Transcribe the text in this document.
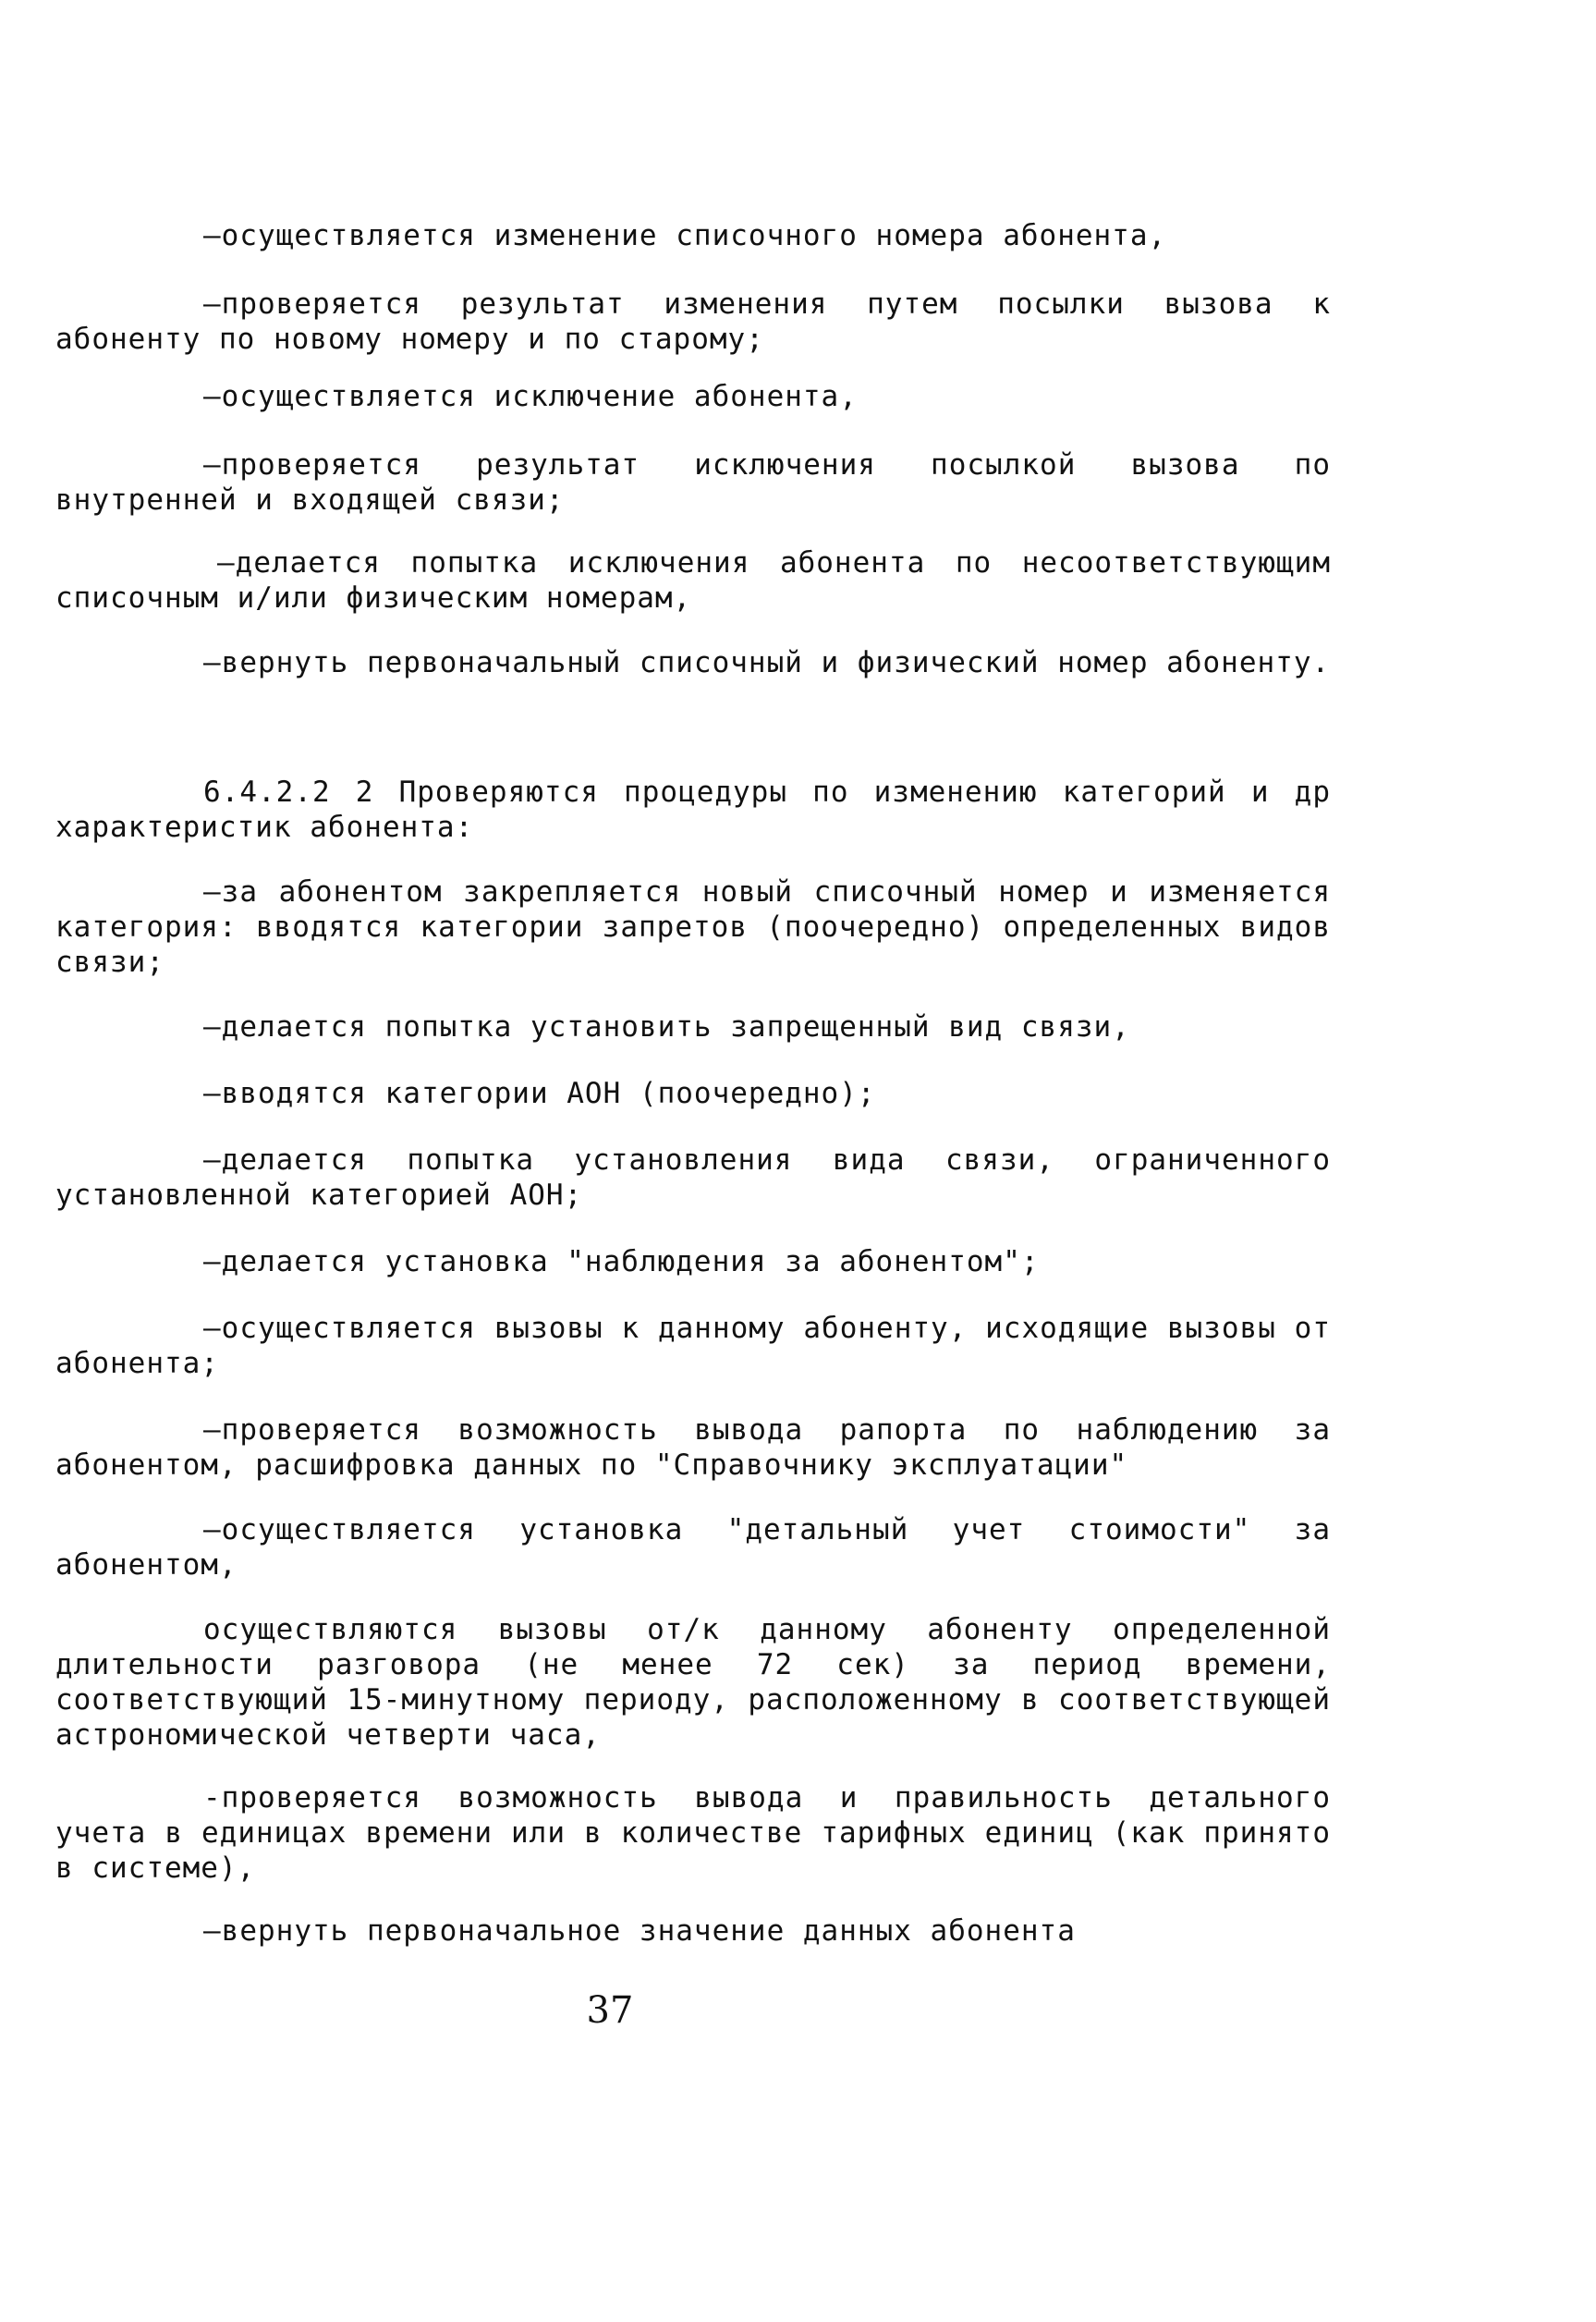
–осуществляется изменение списочного номера абонента,
–проверяется результат изменения путем посылки вызова к абоненту по новому номеру и по старому;
–осуществляется исключение абонента,
–проверяется результат исключения посылкой вызова по внутренней и входящей связи;
–делается попытка исключения абонента по несоответствующим списочным и/или физическим номерам,
–вернуть первоначальный списочный и физический номер абоненту.
6.4.2.2 2 Проверяются процедуры по изменению категорий и др характеристик абонента:
–за абонентом закрепляется новый списочный номер и изменяется категория: вводятся категории запретов (поочередно) определенных видов связи;
–делается попытка установить запрещенный вид связи,
–вводятся категории АОН (поочередно);
–делается попытка установления вида связи, ограниченного установленной категорией АОН;
–делается установка "наблюдения за абонентом";
–осуществляется вызовы к данному абоненту, исходящие вызовы от абонента;
–проверяется возможность вывода рапорта по наблюдению за абонентом, расшифровка данных по "Справочнику эксплуатации"
–осуществляется установка "детальный учет стоимости" за абонентом,
осуществляются вызовы от/к данному абоненту определенной длительности разговора (не менее 72 сек) за период времени, соответствующий 15-минутному периоду, расположенному в соответствующей астрономической четверти часа,
-проверяется возможность вывода и правильность детального учета в единицах времени или в количестве тарифных единиц (как принято в системе),
–вернуть первоначальное значение данных абонента
37
